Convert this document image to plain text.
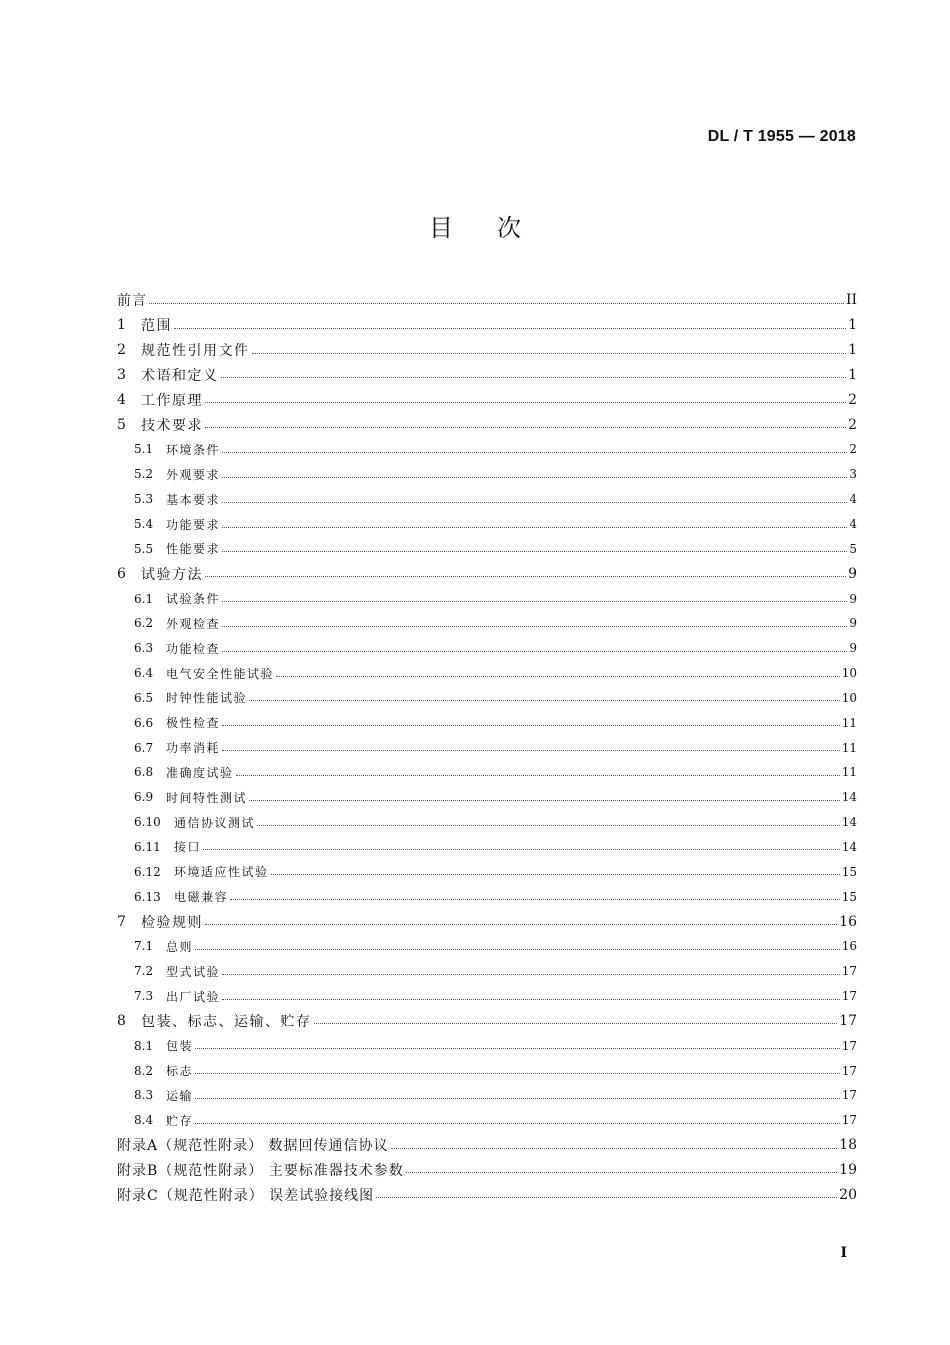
DL / T 1955 — 2018
目次
前言	II
1	范围	1
2	规范性引用文件	1
3	术语和定义	1
4	工作原理	2
5	技术要求	2
5.1	环境条件	2
5.2	外观要求	3
5.3	基本要求	4
5.4	功能要求	4
5.5	性能要求	5
6	试验方法	9
6.1	试验条件	9
6.2	外观检查	9
6.3	功能检查	9
6.4	电气安全性能试验	10
6.5	时钟性能试验	10
6.6	极性检查	11
6.7	功率消耗	11
6.8	准确度试验	11
6.9	时间特性测试	14
6.10	通信协议测试	14
6.11	接口	14
6.12	环境适应性试验	15
6.13	电磁兼容	15
7	检验规则	16
7.1	总则	16
7.2	型式试验	17
7.3	出厂试验	17
8	包装、标志、运输、贮存	17
8.1	包装	17
8.2	标志	17
8.3	运输	17
8.4	贮存	17
附录A（规范性附录） 数据回传通信协议	18
附录B（规范性附录） 主要标准器技术参数	19
附录C（规范性附录） 误差试验接线图	20
I
